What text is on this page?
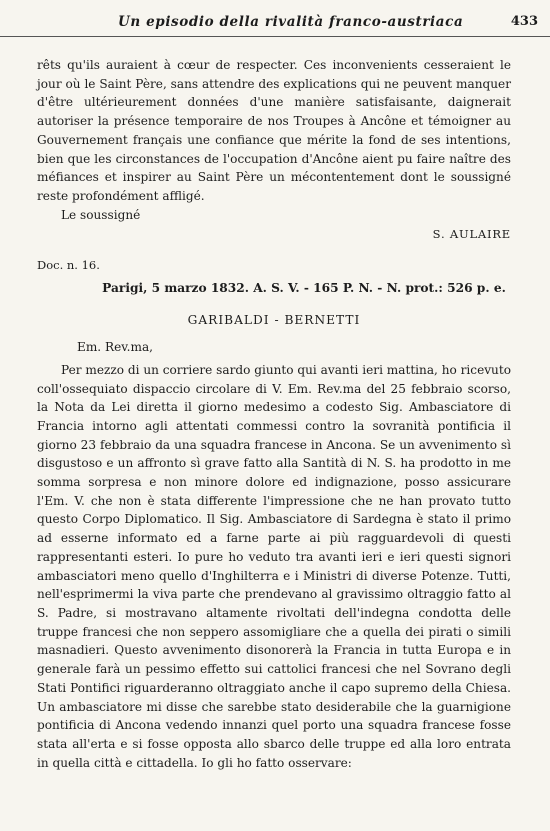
Un episodio della rivalità franco-austriaca	433

rêts qu'ils auraient à cœur de respecter. Ces inconvenients cesseraient le jour où le Saint Père, sans attendre des explications qui ne peuvent manquer d'être ultérieurement données d'une manière satisfaisante, daignerait autoriser la présence temporaire de nos Troupes à Ancône et témoigner au Gouvernement français une confiance que mérite la fond de ses intentions, bien que les circonstances de l'occupation d'Ancône aient pu faire naître des méfiances et inspirer au Saint Père un mécontentement dont le soussigné reste profondément affligé.

Le soussigné

S. AULAIRE

Doc. n. 16.

Parigi, 5 marzo 1832. A. S. V. - 165 P. N. - N. prot.: 526 p. e.

GARIBALDI - BERNETTI

Em. Rev.ma,

Per mezzo di un corriere sardo giunto qui avanti ieri mattina, ho ricevuto coll'ossequiato dispaccio circolare di V. Em. Rev.ma del 25 febbraio scorso, la Nota da Lei diretta il giorno medesimo a codesto Sig. Ambasciatore di Francia intorno agli attentati commessi contro la sovranità pontificia il giorno 23 febbraio da una squadra francese in Ancona. Se un avvenimento sì disgustoso e un affronto sì grave fatto alla Santità di N. S. ha prodotto in me somma sorpresa e non minore dolore ed indignazione, posso assicurare l'Em. V. che non è stata differente l'impressione che ne han provato tutto questo Corpo Diplomatico. Il Sig. Ambasciatore di Sardegna è stato il primo ad esserne informato ed a farne parte ai più ragguardevoli di questi rappresentanti esteri. Io pure ho veduto tra avanti ieri e ieri questi signori ambasciatori meno quello d'Inghilterra e i Ministri di diverse Potenze. Tutti, nell'esprimermi la viva parte che prendevano al gravissimo oltraggio fatto al S. Padre, si mostravano altamente rivoltati dell'indegna condotta delle truppe francesi che non seppero assomigliare che a quella dei pirati o simili masnadieri. Questo avvenimento disonorerà la Francia in tutta Europa e in generale farà un pessimo effetto sui cattolici francesi che nel Sovrano degli Stati Pontifici riguarderanno oltraggiato anche il capo supremo della Chiesa. Un ambasciatore mi disse che sarebbe stato desiderabile che la guarnigione pontificia di Ancona vedendo innanzi quel porto una squadra francese fosse stata all'erta e si fosse opposta allo sbarco delle truppe ed alla loro entrata in quella città e cittadella. Io gli ho fatto osservare:
